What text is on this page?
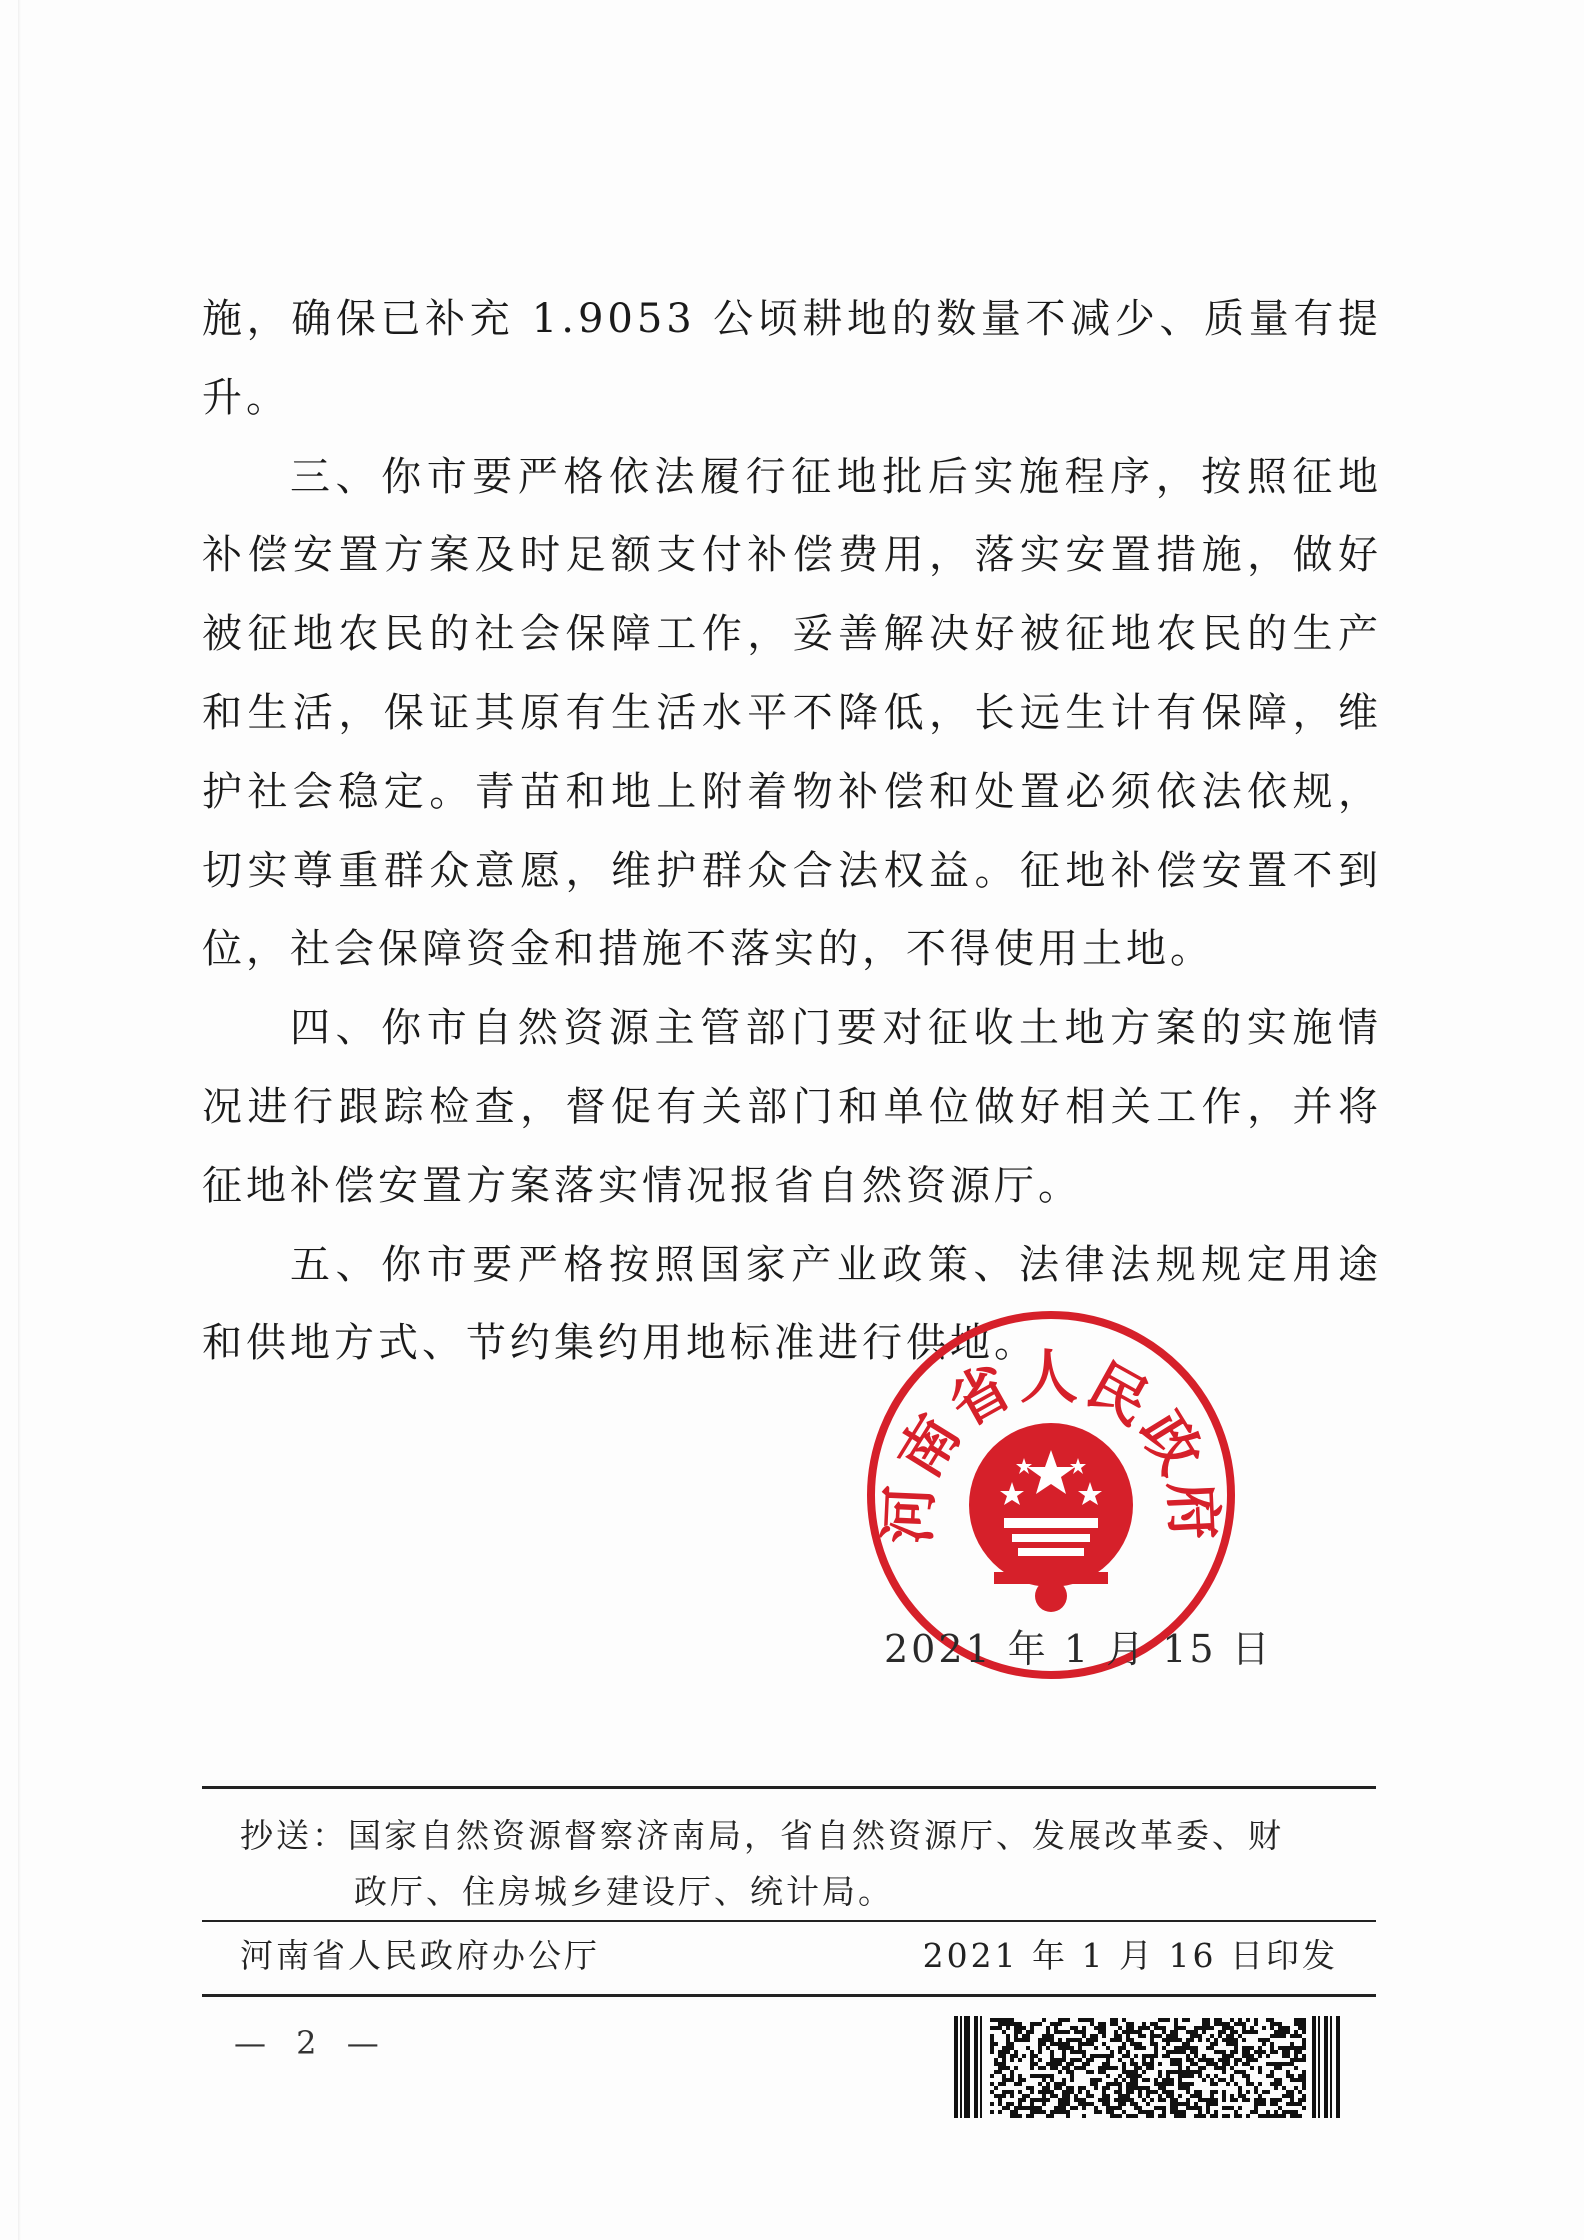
施，确保已补充 1.9053 公顷耕地的数量不减少、质量有提升。

三、你市要严格依法履行征地批后实施程序，按照征地补偿安置方案及时足额支付补偿费用，落实安置措施，做好被征地农民的社会保障工作，妥善解决好被征地农民的生产和生活，保证其原有生活水平不降低，长远生计有保障，维护社会稳定。青苗和地上附着物补偿和处置必须依法依规，切实尊重群众意愿，维护群众合法权益。征地补偿安置不到位，社会保障资金和措施不落实的，不得使用土地。

四、你市自然资源主管部门要对征收土地方案的实施情况进行跟踪检查，督促有关部门和单位做好相关工作，并将征地补偿安置方案落实情况报省自然资源厅。

五、你市要严格按照国家产业政策、法律法规规定用途和供地方式、节约集约用地标准进行供地。

河南省人民政府
2021 年 1 月 15 日
抄送：国家自然资源督察济南局，省自然资源厅、发展改革委、财
政厅、住房城乡建设厅、统计局。
河南省人民政府办公厅	2021 年 1 月 16 日印发
— 2 —
